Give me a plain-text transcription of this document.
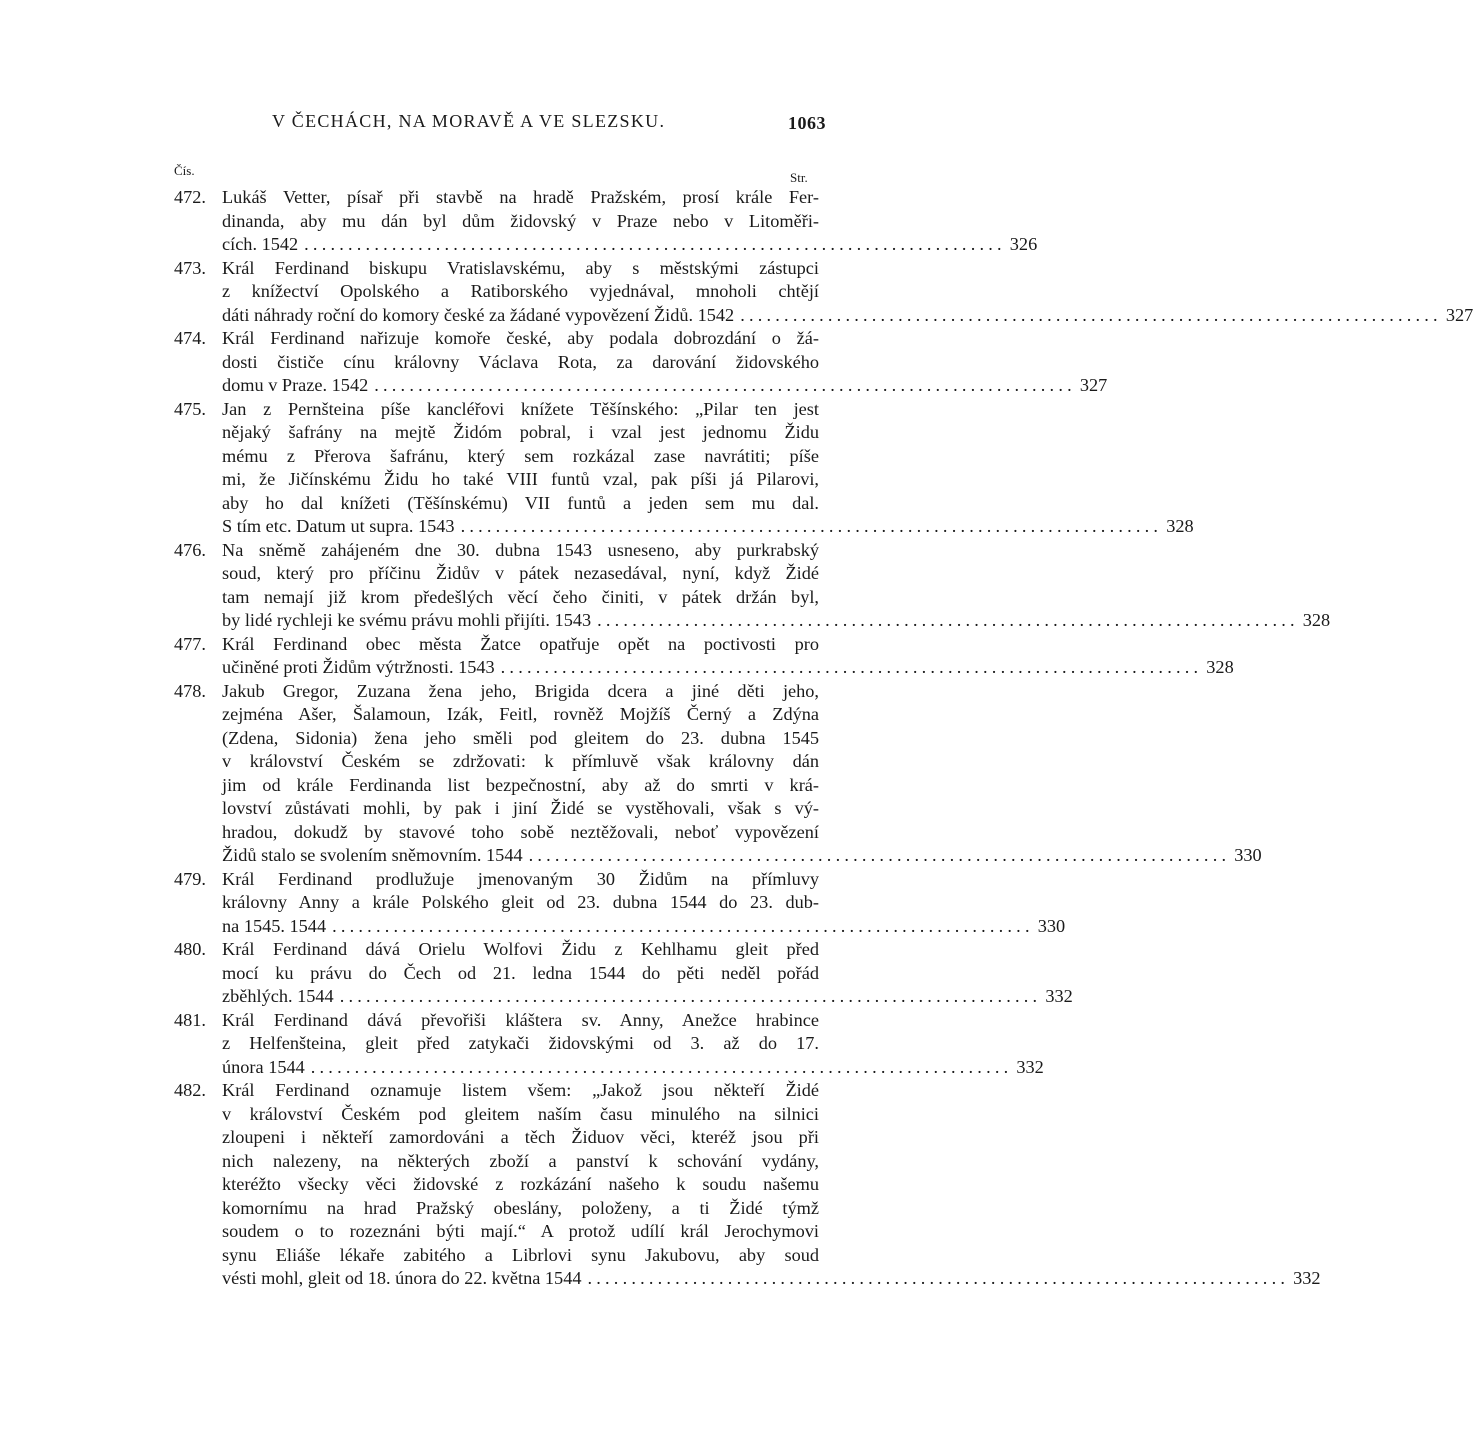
V ČECHÁCH, NA MORAVĚ A VE SLEZSKU.	1063
Čís.	Str.
472. Lukáš Vetter, písař při stavbě na hradě Pražském, prosí krále Fer-
dinanda, aby mu dán byl dům židovský v Praze nebo v Litoměři-
cích. 1542 ................................................................................ 326
473. Král Ferdinand biskupu Vratislavskému, aby s městskými zástupci
z knížectví Opolského a Ratiborského vyjednával, mnoholi chtějí
dáti náhrady roční do komory české za žádané vypovězení Židů. 1542 ................................................................................ 327
474. Král Ferdinand nařizuje komoře české, aby podala dobrozdání o žá-
dosti čističe cínu královny Václava Rota, za darování židovského
domu v Praze. 1542 ................................................................................ 327
475. Jan z Pernšteina píše kancléřovi knížete Těšínského: „Pilar ten jest
nějaký šafrány na mejtě Židóm pobral, i vzal jest jednomu Židu
mému z Přerova šafránu, který sem rozkázal zase navrátiti; píše
mi, že Jičínskému Židu ho také VIII funtů vzal, pak píši já Pilarovi,
aby ho dal knížeti (Těšínskému) VII funtů a jeden sem mu dal.
S tím etc. Datum ut supra. 1543 ................................................................................ 328
476. Na sněmě zahájeném dne 30. dubna 1543 usneseno, aby purkrabský
soud, který pro příčinu Židův v pátek nezasedával, nyní, když Židé
tam nemají již krom předešlých věcí čeho činiti, v pátek držán byl,
by lidé rychleji ke svému právu mohli přijíti. 1543 ................................................................................ 328
477. Král Ferdinand obec města Žatce opatřuje opět na poctivosti pro
učiněné proti Židům výtržnosti. 1543 ................................................................................ 328
478. Jakub Gregor, Zuzana žena jeho, Brigida dcera a jiné děti jeho,
zejména Ašer, Šalamoun, Izák, Feitl, rovněž Mojžíš Černý a Zdýna
(Zdena, Sidonia) žena jeho směli pod gleitem do 23. dubna 1545
v království Českém se zdržovati: k přímluvě však královny dán
jim od krále Ferdinanda list bezpečnostní, aby až do smrti v krá-
lovství zůstávati mohli, by pak i jiní Židé se vystěhovali, však s vý-
hradou, dokudž by stavové toho sobě neztěžovali, neboť vypovězení
Židů stalo se svolením sněmovním. 1544 ................................................................................ 330
479. Král Ferdinand prodlužuje jmenovaným 30 Židům na přímluvy
královny Anny a krále Polského gleit od 23. dubna 1544 do 23. dub-
na 1545. 1544 ................................................................................ 330
480. Král Ferdinand dává Orielu Wolfovi Židu z Kehlhamu gleit před
mocí ku právu do Čech od 21. ledna 1544 do pěti neděl pořád
zběhlých. 1544 ................................................................................ 332
481. Král Ferdinand dává převořiši kláštera sv. Anny, Anežce hrabince
z Helfenšteina, gleit před zatykači židovskými od 3. až do 17.
února 1544 ................................................................................ 332
482. Král Ferdinand oznamuje listem všem: „Jakož jsou někteří Židé
v království Českém pod gleitem naším času minulého na silnici
zloupeni i někteří zamordováni a těch Židuov věci, kteréž jsou při
nich nalezeny, na některých zboží a panství k schování vydány,
kteréžto všecky věci židovské z rozkázání našeho k soudu našemu
komornímu na hrad Pražský obeslány, položeny, a ti Židé týmž
soudem o to rozeznáni býti mají.“ A protož udílí král Jerochymovi
synu Eliáše lékaře zabitého a Librlovi synu Jakubovu, aby soud
vésti mohl, gleit od 18. února do 22. května 1544 ................................................................................ 332
